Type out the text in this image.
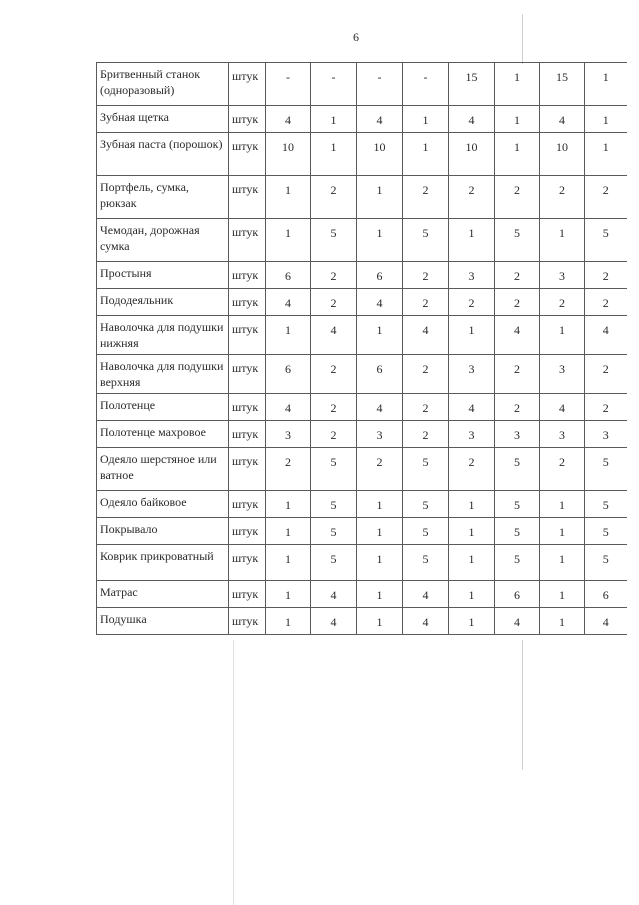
6
Бритвенный станок (одноразовый)	штук	-	-	-	-	15	1	15	1
Зубная щетка	штук	4	1	4	1	4	1	4	1
Зубная паста (порошок)	штук	10	1	10	1	10	1	10	1
Портфель, сумка, рюкзак	штук	1	2	1	2	2	2	2	2
Чемодан, дорожная сумка	штук	1	5	1	5	1	5	1	5
Простыня	штук	6	2	6	2	3	2	3	2
Пододеяльник	штук	4	2	4	2	2	2	2	2
Наволочка для подушки нижняя	штук	1	4	1	4	1	4	1	4
Наволочка для подушки верхняя	штук	6	2	6	2	3	2	3	2
Полотенце	штук	4	2	4	2	4	2	4	2
Полотенце махровое	штук	3	2	3	2	3	3	3	3
Одеяло шерстяное или ватное	штук	2	5	2	5	2	5	2	5
Одеяло байковое	штук	1	5	1	5	1	5	1	5
Покрывало	штук	1	5	1	5	1	5	1	5
Коврик прикроватный	штук	1	5	1	5	1	5	1	5
Матрас	штук	1	4	1	4	1	6	1	6
Подушка	штук	1	4	1	4	1	4	1	4
